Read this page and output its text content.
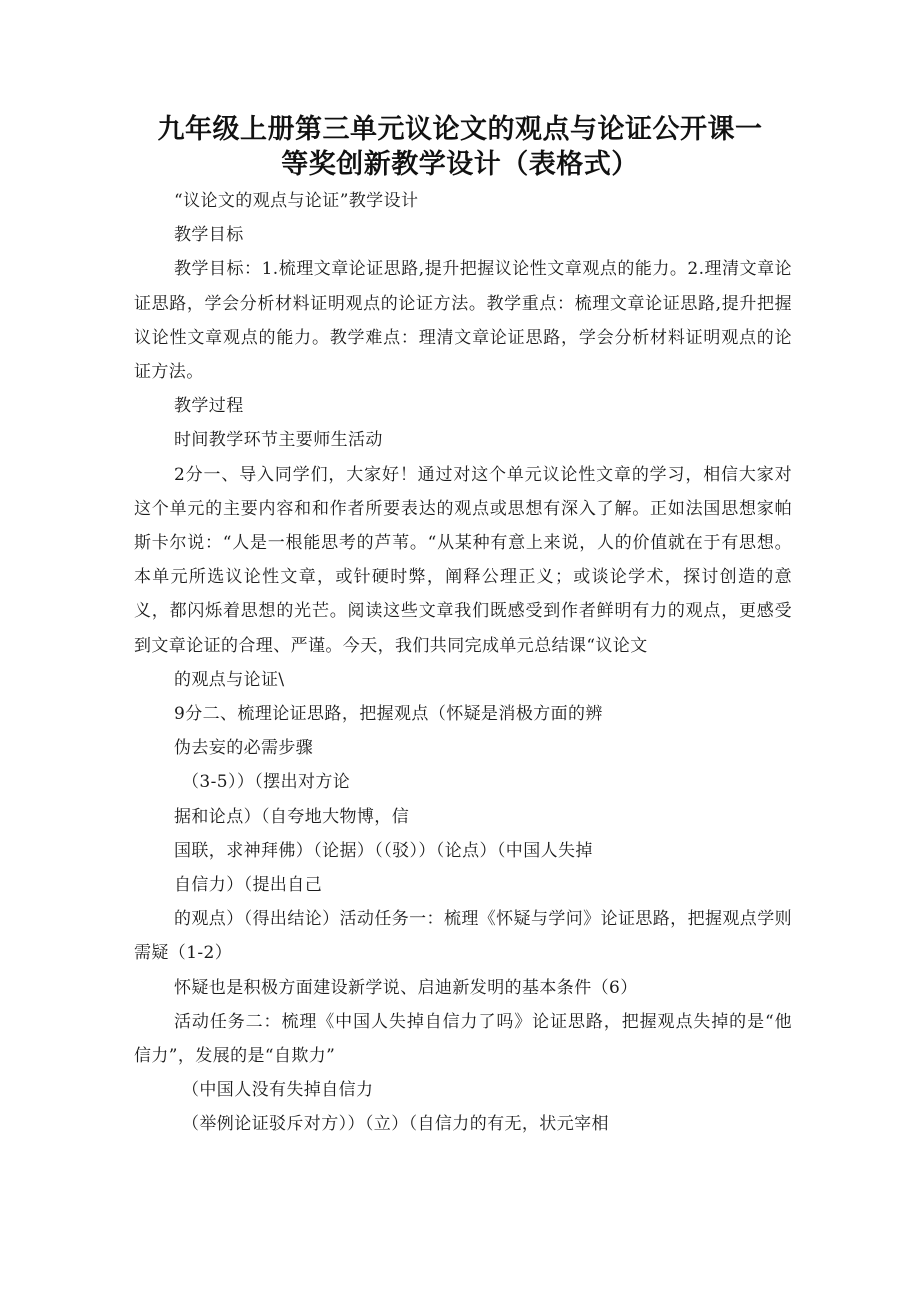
九年级上册第三单元议论文的观点与论证公开课一
等奖创新教学设计（表格式）

“议论文的观点与论证”教学设计

教学目标

教学目标：1.梳理文章论证思路,提升把握议论性文章观点的能力。2.理清文章论证思路，学会分析材料证明观点的论证方法。教学重点：梳理文章论证思路,提升把握议论性文章观点的能力。教学难点：理清文章论证思路，学会分析材料证明观点的论证方法。

教学过程

时间教学环节主要师生活动

2分一、导入同学们，大家好！通过对这个单元议论性文章的学习，相信大家对这个单元的主要内容和和作者所要表达的观点或思想有深入了解。正如法国思想家帕斯卡尔说：“人是一根能思考的芦苇。“从某种有意上来说，人的价值就在于有思想。本单元所选议论性文章，或针硬时弊，阐释公理正义；或谈论学术，探讨创造的意义，都闪烁着思想的光芒。阅读这些文章我们既感受到作者鲜明有力的观点，更感受到文章论证的合理、严谨。今天，我们共同完成单元总结课“议论文

的观点与论证\

9分二、梳理论证思路，把握观点（怀疑是消极方面的辨

伪去妄的必需步骤

（3-5））（摆出对方论

据和论点）（自夸地大物博，信

国联，求神拜佛）（论据）（（驳））（论点）（中国人失掉

自信力）（提出自己

的观点）（得出结论）活动任务一：梳理《怀疑与学问》论证思路，把握观点学则需疑（1-2）

怀疑也是积极方面建设新学说、启迪新发明的基本条件（6）

活动任务二：梳理《中国人失掉自信力了吗》论证思路，把握观点失掉的是“他信力”，发展的是“自欺力”

（中国人没有失掉自信力

（举例论证驳斥对方））（立）（自信力的有无，状元宰相
